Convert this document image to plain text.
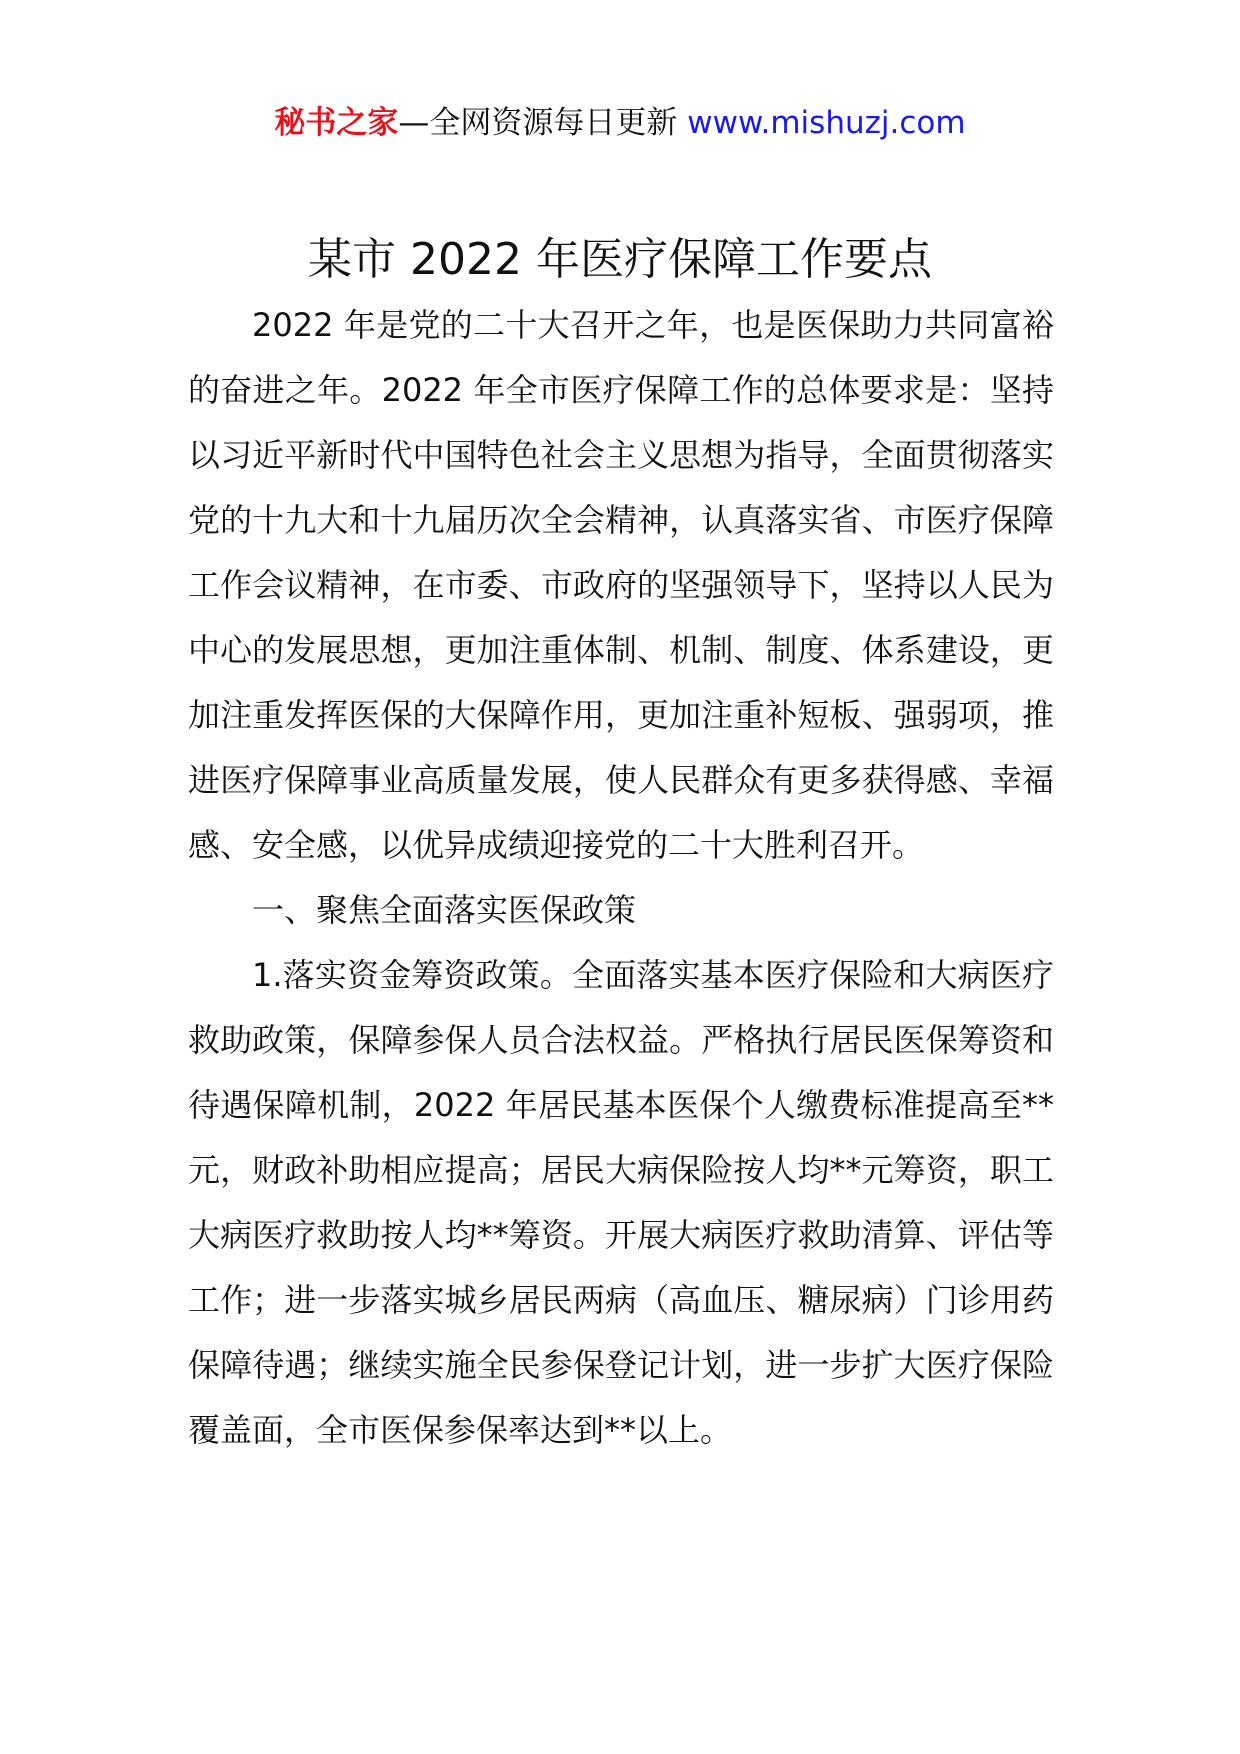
秘书之家—全网资源每日更新 www.mishuzj.com
某市 2022 年医疗保障工作要点

2022 年是党的二十大召开之年，也是医保助力共同富裕的奋进之年。2022 年全市医疗保障工作的总体要求是：坚持以习近平新时代中国特色社会主义思想为指导，全面贯彻落实党的十九大和十九届历次全会精神，认真落实省、市医疗保障工作会议精神，在市委、市政府的坚强领导下，坚持以人民为中心的发展思想，更加注重体制、机制、制度、体系建设，更加注重发挥医保的大保障作用，更加注重补短板、强弱项，推进医疗保障事业高质量发展，使人民群众有更多获得感、幸福感、安全感，以优异成绩迎接党的二十大胜利召开。

一、聚焦全面落实医保政策

1.落实资金筹资政策。全面落实基本医疗保险和大病医疗救助政策，保障参保人员合法权益。严格执行居民医保筹资和待遇保障机制，2022 年居民基本医保个人缴费标准提高至**元，财政补助相应提高；居民大病保险按人均**元筹资，职工大病医疗救助按人均**筹资。开展大病医疗救助清算、评估等工作；进一步落实城乡居民两病（高血压、糖尿病）门诊用药保障待遇；继续实施全民参保登记计划，进一步扩大医疗保险覆盖面，全市医保参保率达到**以上。
